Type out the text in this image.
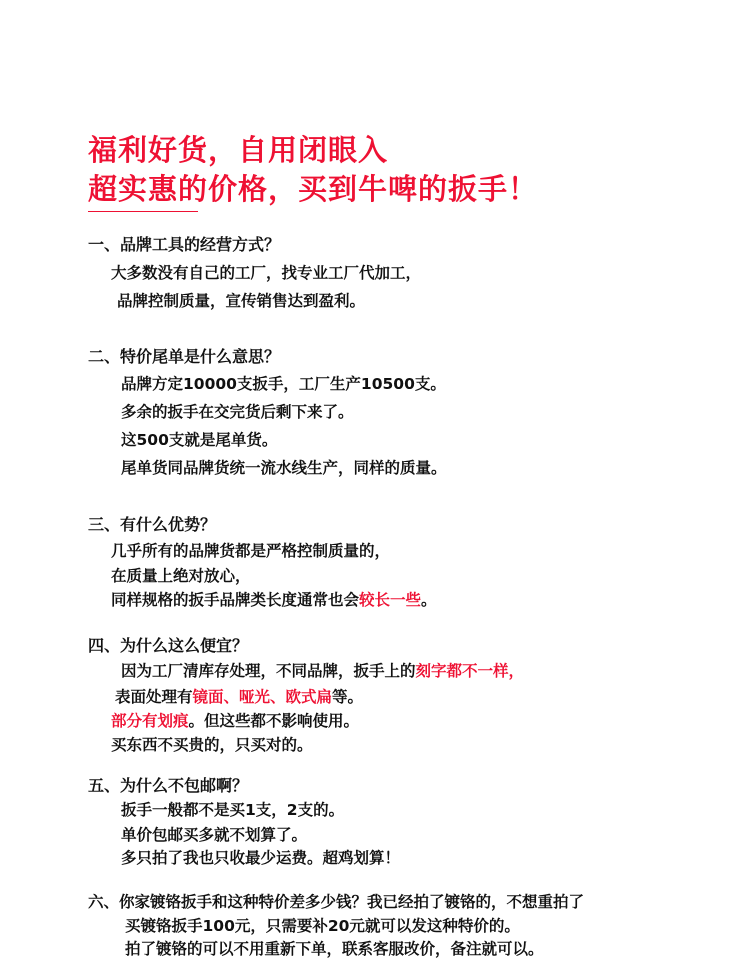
福利好货，自用闭眼入
超实惠的价格，买到牛啤的扳手！
一、品牌工具的经营方式？
大多数没有自己的工厂，找专业工厂代加工，
品牌控制质量，宣传销售达到盈利。
二、特价尾单是什么意思？
品牌方定10000支扳手，工厂生产10500支。
多余的扳手在交完货后剩下来了。
这500支就是尾单货。
尾单货同品牌货统一流水线生产，同样的质量。
三、有什么优势？
几乎所有的品牌货都是严格控制质量的，
在质量上绝对放心，
同样规格的扳手品牌类长度通常也会较长一些。
四、为什么这么便宜？
因为工厂清库存处理，不同品牌，扳手上的刻字都不一样，
表面处理有镜面、哑光、欧式扁等。
部分有划痕。但这些都不影响使用。
买东西不买贵的，只买对的。
五、为什么不包邮啊？
扳手一般都不是买1支，2支的。
单价包邮买多就不划算了。
多只拍了我也只收最少运费。超鸡划算！
六、你家镀铬扳手和这种特价差多少钱？我已经拍了镀铬的，不想重拍了
买镀铬扳手100元，只需要补20元就可以发这种特价的。
拍了镀铬的可以不用重新下单，联系客服改价，备注就可以。
